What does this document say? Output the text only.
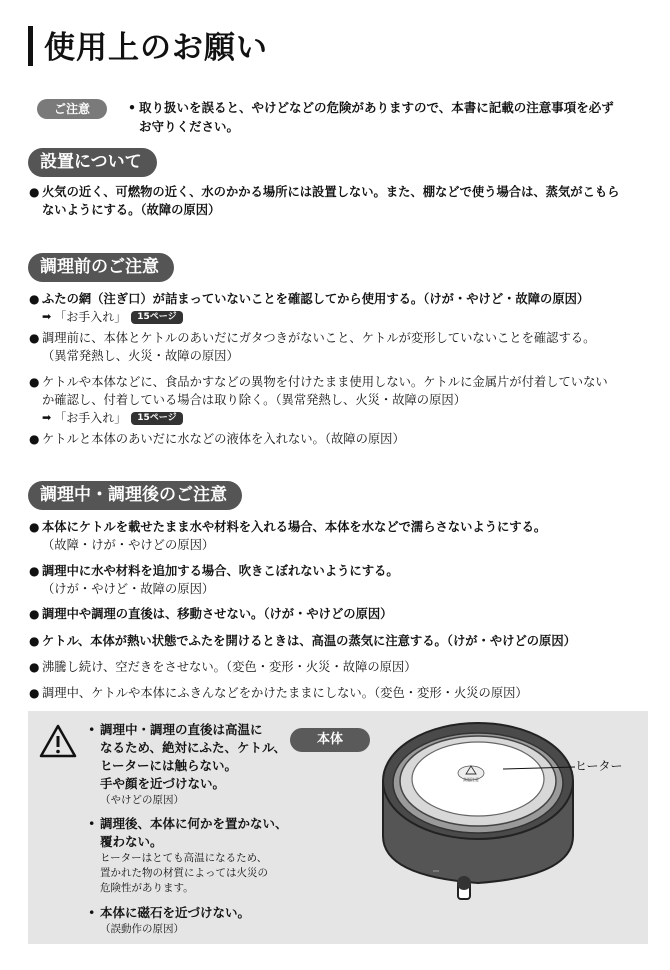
使用上のお願い
ご注意	• 取り扱いを誤ると、やけどなどの危険がありますので、本書に記載の注意事項を必ず
お守りください。
設置について
● 火気の近く、可燃物の近く、水のかかる場所には設置しない。また、棚などで使う場合は、蒸気がこもら
ないようにする。（故障の原因）
調理前のご注意
● ふたの網（注ぎ口）が詰まっていないことを確認してから使用する。（けが・やけど・故障の原因）
➡ 「お手入れ」	15ページ
● 調理前に、本体とケトルのあいだにガタつきがないこと、ケトルが変形していないことを確認する。
（異常発熱し、火災・故障の原因）
● ケトルや本体などに、食品かすなどの異物を付けたまま使用しない。ケトルに金属片が付着していない
か確認し、付着している場合は取り除く。（異常発熱し、火災・故障の原因）
➡ 「お手入れ」	15ページ
● ケトルと本体のあいだに水などの液体を入れない。（故障の原因）
調理中・調理後のご注意
● 本体にケトルを載せたまま水や材料を入れる場合、本体を水などで濡らさないようにする。
（故障・けが・やけどの原因）
● 調理中に水や材料を追加する場合、吹きこぼれないようにする。
（けが・やけど・故障の原因）
● 調理中や調理の直後は、移動させない。（けが・やけどの原因）
● ケトル、本体が熱い状態でふたを開けるときは、高温の蒸気に注意する。（けが・やけどの原因）
● 沸騰し続け、空だきをさせない。（変色・変形・火災・故障の原因）
● 調理中、ケトルや本体にふきんなどをかけたままにしない。（変色・変形・火災の原因）
• 調理中・調理の直後は高温に
なるため、絶対にふた、ケトル、
ヒーターには触らない。
手や顔を近づけない。
（やけどの原因）
• 調理後、本体に何かを置かない、
覆わない。
ヒーターはとても高温になるため、
置かれた物の材質によっては火災の
危険性があります。
• 本体に磁石を近づけない。
（誤動作の原因）
本体
高温注意
ヒーター
